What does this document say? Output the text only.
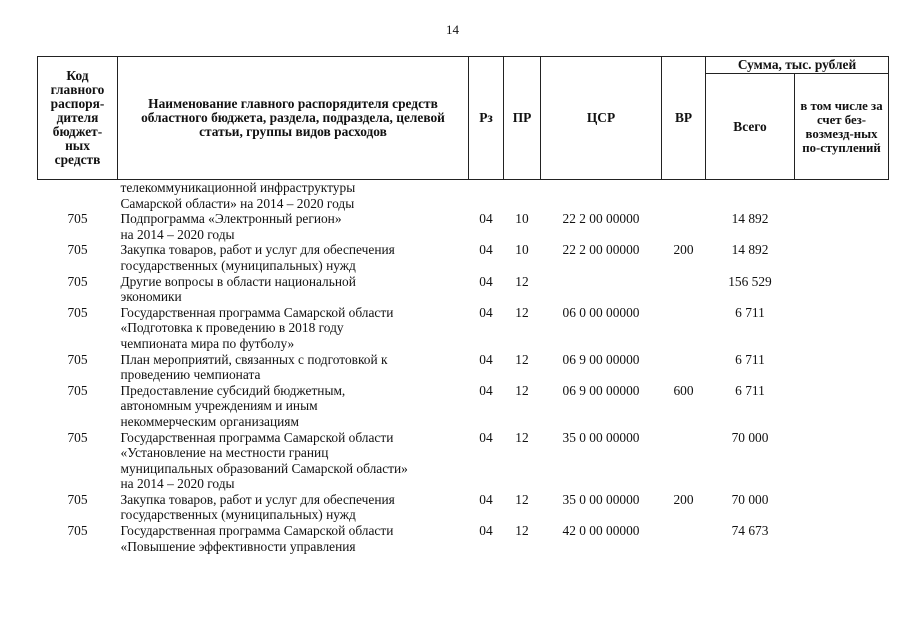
14
Код главного распоря-дителя бюджет-ных средств	Наименование главного распорядителя средств областного бюджета, раздела, подраздела, целевой статьи, группы видов расходов	Рз	ПР	ЦСР	ВР	Сумма, тыс. рублей	
						Всего	в том числе за счет без-возмезд-ных по-ступлений
	телекоммуникационной инфраструктуры
Самарской области» на 2014 – 2020 годы						
705	Подпрограмма «Электронный регион»
на 2014 – 2020 годы	04	10	22 2 00 00000		14 892	
705	Закупка товаров, работ и услуг для обеспечения
государственных (муниципальных) нужд	04	10	22 2 00 00000	200	14 892	
705	Другие вопросы в области национальной
экономики	04	12			156 529	
705	Государственная программа Самарской области
«Подготовка к проведению в 2018 году
чемпионата мира по футболу»	04	12	06 0 00 00000		6 711	
705	План мероприятий, связанных с подготовкой к
проведению чемпионата	04	12	06 9 00 00000		6 711	
705	Предоставление субсидий бюджетным,
автономным учреждениям и иным
некоммерческим организациям	04	12	06 9 00 00000	600	6 711	
705	Государственная программа Самарской области
«Установление на местности границ
муниципальных образований Самарской области»
на 2014 – 2020 годы	04	12	35 0 00 00000		70 000	
705	Закупка товаров, работ и услуг для обеспечения
государственных (муниципальных) нужд	04	12	35 0 00 00000	200	70 000	
705	Государственная программа Самарской области
«Повышение эффективности управления	04	12	42 0 00 00000		74 673	
